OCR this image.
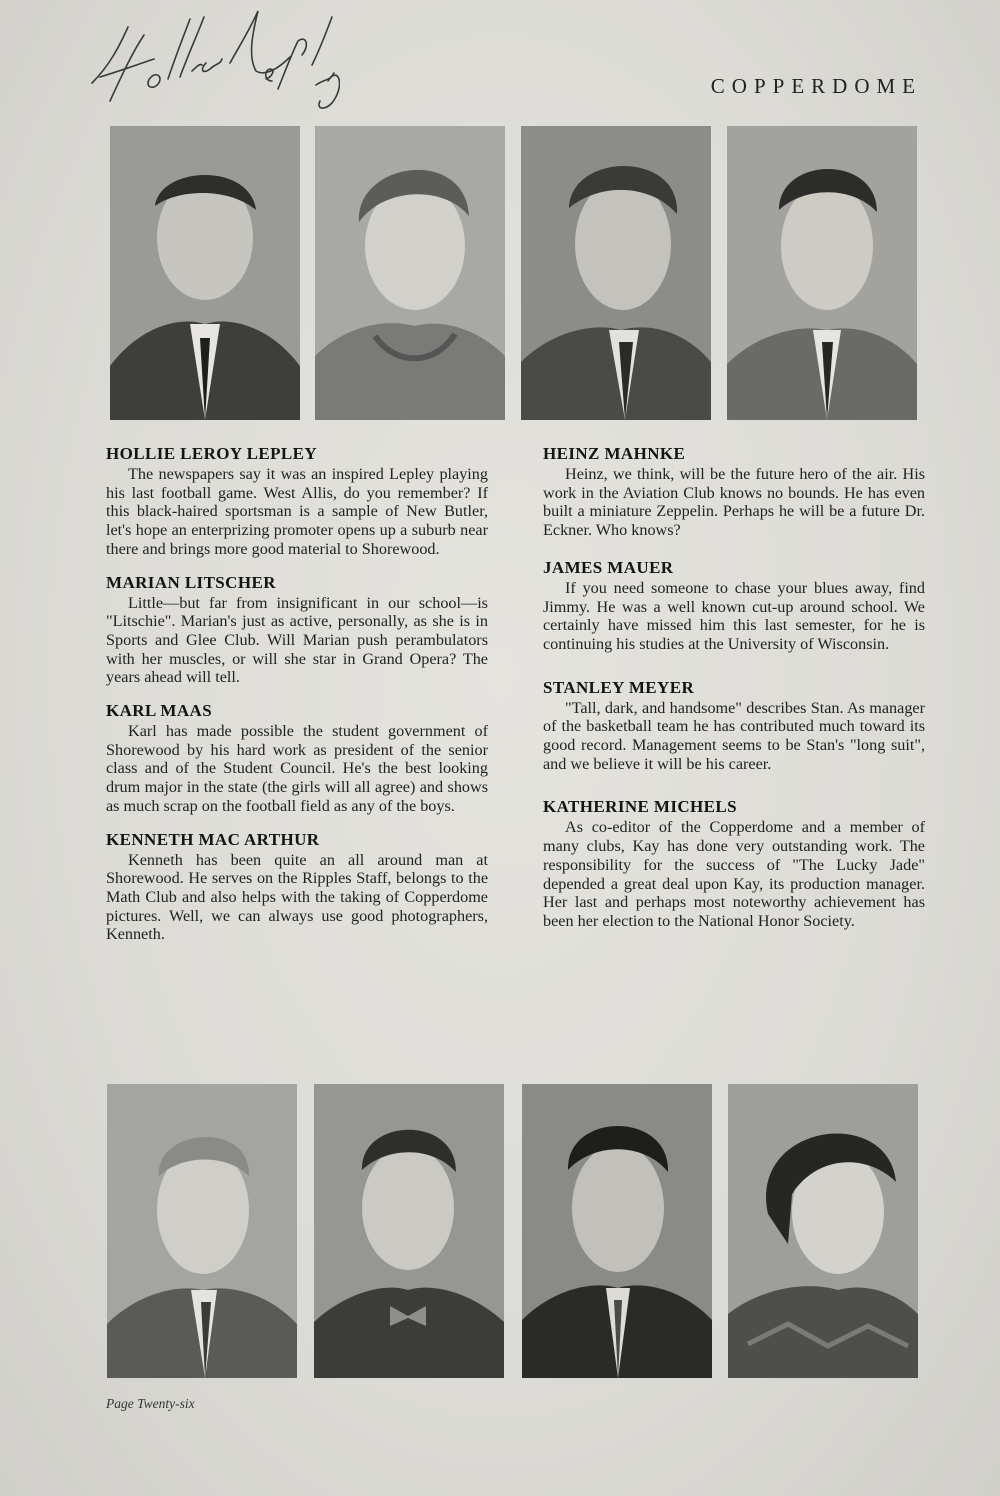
COPPERDOME
HOLLIE LEROY LEPLEY

The newspapers say it was an inspired Lepley playing his last football game. West Allis, do you remember? If this black-haired sportsman is a sample of New Butler, let's hope an enterprizing promoter opens up a suburb near there and brings more good material to Shorewood.

MARIAN LITSCHER

Little—but far from insignificant in our school—is "Litschie". Marian's just as active, personally, as she is in Sports and Glee Club. Will Marian push perambulators with her muscles, or will she star in Grand Opera? The years ahead will tell.

KARL MAAS

Karl has made possible the student government of Shorewood by his hard work as president of the senior class and of the Student Council. He's the best looking drum major in the state (the girls will all agree) and shows as much scrap on the football field as any of the boys.

KENNETH MAC ARTHUR

Kenneth has been quite an all around man at Shorewood. He serves on the Ripples Staff, belongs to the Math Club and also helps with the taking of Copperdome pictures. Well, we can always use good photographers, Kenneth.

HEINZ MAHNKE

Heinz, we think, will be the future hero of the air. His work in the Aviation Club knows no bounds. He has even built a miniature Zeppelin. Perhaps he will be a future Dr. Eckner. Who knows?

JAMES MAUER

If you need someone to chase your blues away, find Jimmy. He was a well known cut-up around school. We certainly have missed him this last semester, for he is continuing his studies at the University of Wisconsin.

STANLEY MEYER

"Tall, dark, and handsome" describes Stan. As manager of the basketball team he has contributed much toward its good record. Management seems to be Stan's "long suit", and we believe it will be his career.

KATHERINE MICHELS

As co-editor of the Copperdome and a member of many clubs, Kay has done very outstanding work. The responsibility for the success of "The Lucky Jade" depended a great deal upon Kay, its production manager. Her last and perhaps most noteworthy achievement has been her election to the National Honor Society.

Page Twenty-six
